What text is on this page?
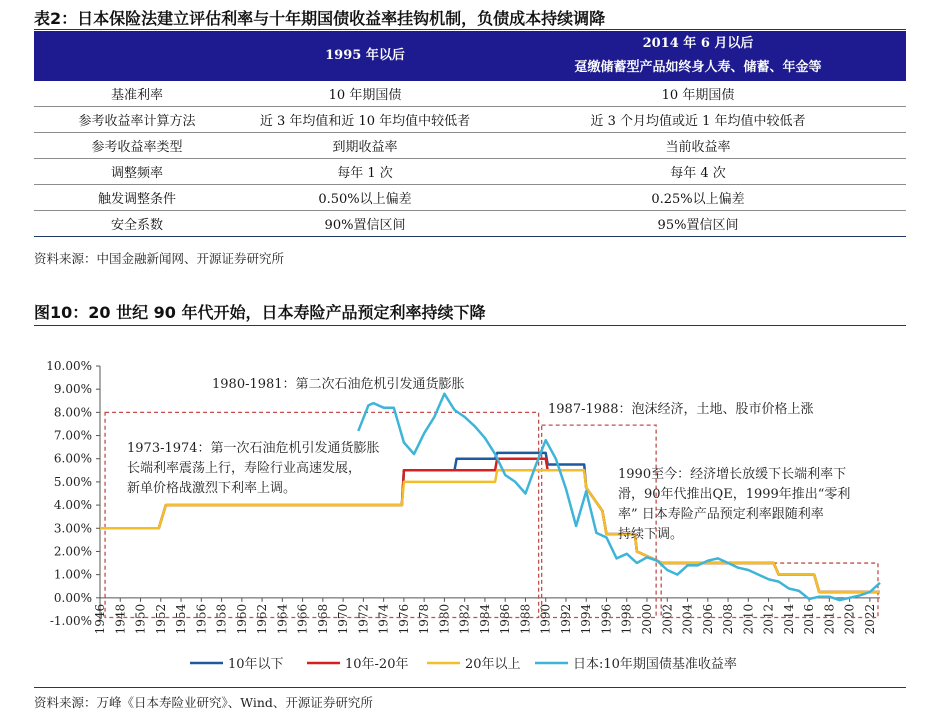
表2：日本保险法建立评估利率与十年期国债收益率挂钩机制，负债成本持续调降

	1995 年以后	2014 年 6 月以后
趸缴储蓄型产品如终身人寿、储蓄、年金等

基准利率	10 年期国债	10 年期国债
参考收益率计算方法	近 3 年均值和近 10 年均值中较低者	近 3 个月均值或近 1 年均值中较低者
参考收益率类型	到期收益率	当前收益率
调整频率	每年 1 次	每年 4 次
触发调整条件	0.50%以上偏差	0.25%以上偏差
安全系数	90%置信区间	95%置信区间
资料来源：中国金融新闻网、开源证券研究所
图10：20 世纪 90 年代开始，日本寿险产品预定利率持续下降
10.00%
9.00%
8.00%
7.00%
6.00%
5.00%
4.00%
3.00%
2.00%
1.00%
0.00%
-1.00% 1946 1948 1950 1952 1954 1956 1958 1960 1962 1964 1966 1968 1970 1972 1974 1976 1978 1980 1982 1984 1986 1988 1990 1992 1994 1996 1998 2000 2002 2004 2006 2008 2010 2012 2014 2016 2018 2020 2022
1980-1981：第二次石油危机引发通货膨胀
1987-1988：泡沫经济，土地、股市价格上涨
1973-1974：第一次石油危机引发通货膨胀
长端利率震荡上行，寿险行业高速发展，
新单价格战激烈下利率上调。
1990至今：经济增长放缓下长端利率下
滑，90年代推出QE，1999年推出“零利
率” 日本寿险产品预定利率跟随利率
持续下调。
10年以下	10年-20年	20年以上	日本:10年期国债基准收益率
资料来源：万峰《日本寿险业研究》、Wind、开源证券研究所
